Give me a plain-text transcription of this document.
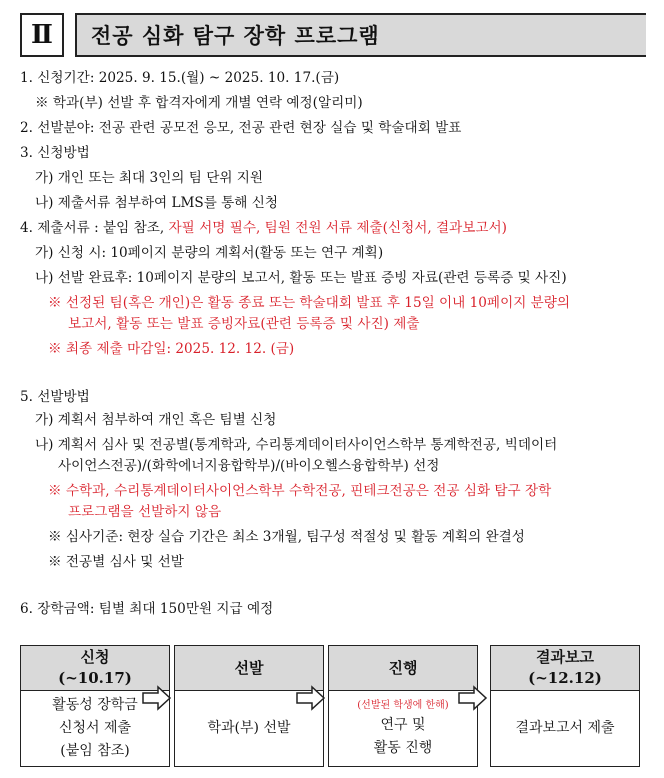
Ⅱ	전공 심화 탐구 장학 프로그램
1. 신청기간: 2025. 9. 15.(월) ~ 2025. 10. 17.(금)
※ 학과(부) 선발 후 합격자에게 개별 연락 예정(알리미)
2. 선발분야: 전공 관련 공모전 응모, 전공 관련 현장 실습 및 학술대회 발표
3. 신청방법
가) 개인 또는 최대 3인의 팀 단위 지원
나) 제출서류 첨부하여 LMS를 통해 신청
4. 제출서류 : 붙임 참조, 자필 서명 필수, 팀원 전원 서류 제출(신청서, 결과보고서)
가) 신청 시: 10페이지 분량의 계획서(활동 또는 연구 계획)
나) 선발 완료후: 10페이지 분량의 보고서, 활동 또는 발표 증빙 자료(관련 등록증 및 사진)
※ 선정된 팀(혹은 개인)은 활동 종료 또는 학술대회 발표 후 15일 이내 10페이지 분량의
보고서, 활동 또는 발표 증빙자료(관련 등록증 및 사진) 제출
※ 최종 제출 마감일: 2025. 12. 12. (금)
5. 선발방법
가) 계획서 첨부하여 개인 혹은 팀별 신청
나) 계획서 심사 및 전공별(통계학과, 수리통계데이터사이언스학부 통계학전공, 빅데이터
사이언스전공)/(화학에너지융합학부)/(바이오헬스융합학부) 선정
※ 수학과, 수리통계데이터사이언스학부 수학전공, 핀테크전공은 전공 심화 탐구 장학
프로그램을 선발하지 않음
※ 심사기준: 현장 실습 기간은 최소 3개월, 팀구성 적절성 및 활동 계획의 완결성
※ 전공별 심사 및 선발
6. 장학금액: 팀별 최대 150만원 지급 예정
신청
(~10.17)
활동성 장학금
신청서 제출
(붙임 참조)
선발
학과(부) 선발
진행
(선발된 학생에 한해)
연구 및
활동 진행
결과보고
(~12.12)
결과보고서 제출
